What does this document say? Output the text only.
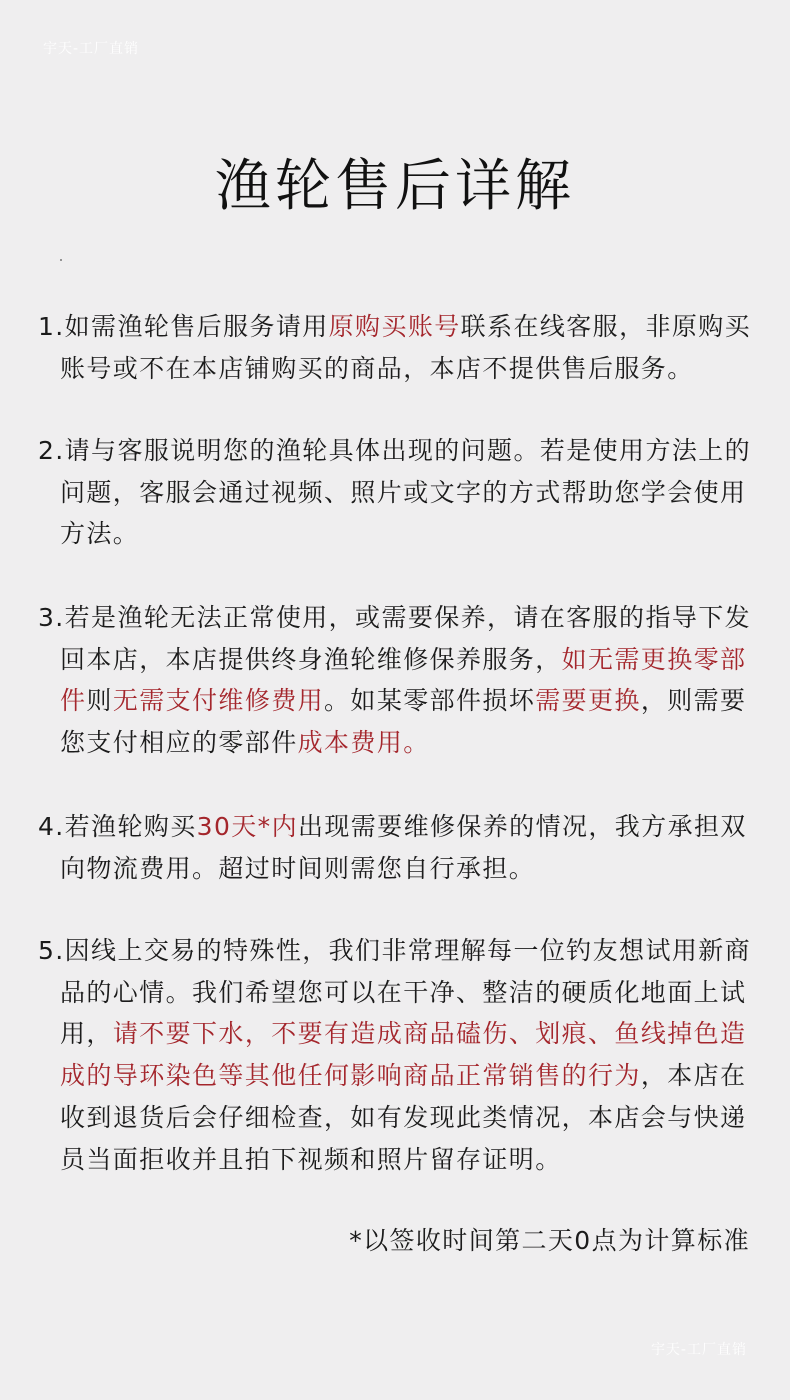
宇天-工厂直销
渔轮售后详解
1.如需渔轮售后服务请用原购买账号联系在线客服，非原购买
账号或不在本店铺购买的商品，本店不提供售后服务。
2.请与客服说明您的渔轮具体出现的问题。若是使用方法上的
问题，客服会通过视频、照片或文字的方式帮助您学会使用
方法。
3.若是渔轮无法正常使用，或需要保养，请在客服的指导下发
回本店，本店提供终身渔轮维修保养服务，如无需更换零部
件则无需支付维修费用。如某零部件损坏需要更换，则需要
您支付相应的零部件成本费用。
4.若渔轮购买30天*内出现需要维修保养的情况，我方承担双
向物流费用。超过时间则需您自行承担。
5.因线上交易的特殊性，我们非常理解每一位钓友想试用新商
品的心情。我们希望您可以在干净、整洁的硬质化地面上试
用，请不要下水，不要有造成商品磕伤、划痕、鱼线掉色造
成的导环染色等其他任何影响商品正常销售的行为，本店在
收到退货后会仔细检查，如有发现此类情况，本店会与快递
员当面拒收并且拍下视频和照片留存证明。
*以签收时间第二天0点为计算标准
宇天-工厂直销
